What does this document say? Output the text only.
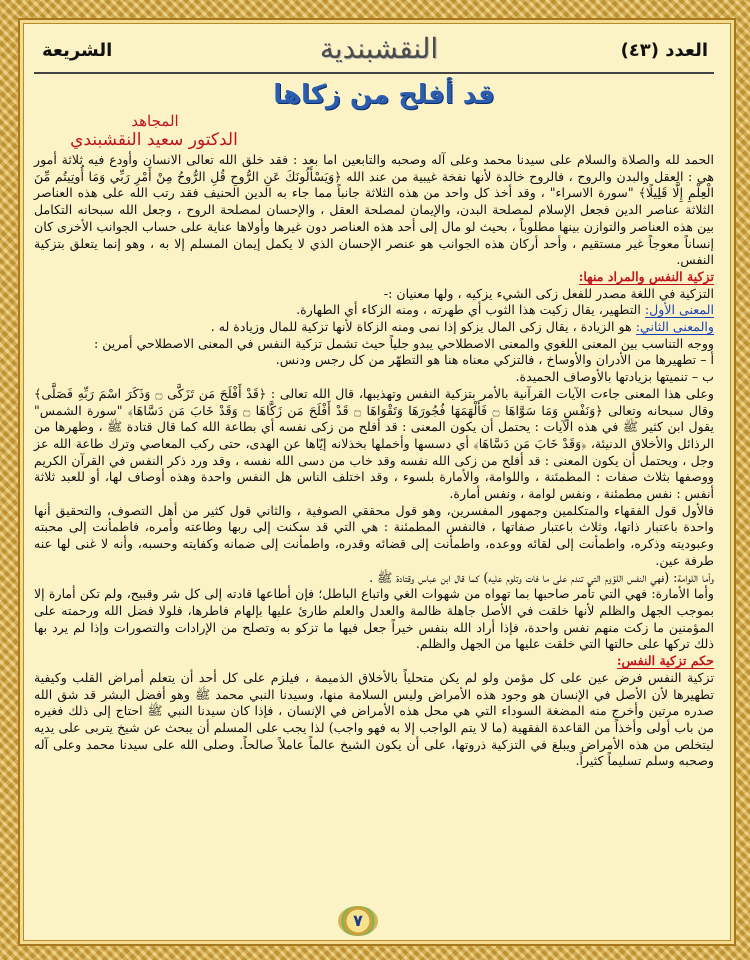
العدد (٤٣)
النقشبندية
الشريعة
قد أفلح من زكاها
المجاهد
الدكتور سعيد النقشبندي

الحمد لله والصلاة والسلام على سيدنا محمد وعلى آله وصحبه والتابعين اما بعد : فقد خلق الله تعالى الانسان وأودع فيه ثلاثة أمور هي : العقل والبدن والروح ، فالروح خالدة لأنها نفخة غيبية من عند الله ﴿وَيَسْأَلُونَكَ عَنِ الرُّوحِ قُلِ الرُّوحُ مِنْ أَمْرِ رَبِّي وَمَا أُوتِيتُم مِّنَ الْعِلْمِ إِلَّا قَلِيلًا﴾ "سورة الاسراء" ، وقد أخذ كل واحد من هذه الثلاثة جانباً مما جاء به الدين الحنيف فقد رتب الله على هذه العناصر الثلاثة عناصر الدين فجعل الإسلام لمصلحة البدن، والإيمان لمصلحة العقل ، والإحسان لمصلحة الروح ، وجعل الله سبحانه التكامل بين هذه العناصر والتوازن بينها مطلوباً ، بحيث لو مال إلى أحد هذه العناصر دون غيرها وأولاها عناية على حساب الجوانب الأخرى كان إنساناً معوجاً غير مستقيم ، وأحد أركان هذه الجوانب هو عنصر الإحسان الذي لا يكمل إيمان المسلم إلا به ، وهو إنما يتعلق بتزكية النفس.

تزكية النفس والمراد منها:

التزكية في اللغة مصدر للفعل زكى الشيء يزكيه ، ولها معنيان :-

المعنى الأول: التطهير، يقال زكيت هذا الثوب أي طهرته ، ومنه الزكاء أي الطهارة.

والمعنى الثاني: هو الزيادة ، يقال زكى المال يزكو إذا نمى ومنه الزكاة لأنها تزكية للمال وزيادة له .

ووجه التناسب بين المعنى اللغوي والمعنى الاصطلاحي يبدو جلياً حيث تشمل تزكية النفس في المعنى الاصطلاحي أمرين :

أ – تطهيرها من الأدران والأوساخ ، فالتزكي معناه هنا هو التطهّر من كل رجس ودنس.

ب – تنميتها بزيادتها بالأوصاف الحميدة.

وعلى هذا المعنى جاءت الآيات القرآنية بالأمر بتزكية النفس وتهذيبها، قال الله تعالى : ﴿قَدْ أَفْلَحَ مَن تَزَكَّى ۝ وَذَكَرَ اسْمَ رَبِّهِ فَصَلَّى﴾ وقال سبحانه وتعالى ﴿وَنَفْسٍ وَمَا سَوَّاهَا ۝ فَأَلْهَمَهَا فُجُورَهَا وَتَقْوَاهَا ۝ قَدْ أَفْلَحَ مَن زَكَّاهَا ۝ وَقَدْ خَابَ مَن دَسَّاهَا﴾ "سورة الشمس" يقول ابن كثير ﷺ في هذه الآيات : يحتمل أن يكون المعنى : قد أفلح من زكى نفسه أي بطاعة الله كما قال قتادة ﷺ ، وطهرها من الرذائل والأخلاق الدنيئة، ﴿وَقَدْ خَابَ مَن دَسَّاهَا﴾ أي دسسها وأخملها بخذلانه إيّاها عن الهدى، حتى ركب المعاصي وترك طاعة الله عز وجل ، ويحتمل أن يكون المعنى : قد أفلح من زكى الله نفسه وقد خاب من دسى الله نفسه ، وقد ورد ذكر النفس في القرآن الكريم ووصفها بثلاث صفات : المطمئنة ، واللوامة، والأمارة بلسوء ، وقد اختلف الناس هل النفس واحدة وهذه أوصاف لها، أو للعبد ثلاثة أنفس : نفس مطمئنة ، ونفس لوامة ، ونفس أمارة.

فالأول قول الفقهاء والمتكلمين وجمهور المفسرين، وهو قول محققي الصوفية ، والثاني قول كثير من أهل التصوف، والتحقيق أنها واحدة باعتبار ذاتها، وثلاث باعتبار صفاتها ، فالنفس المطمئنة : هي التي قد سكنت إلى ربها وطاعته وأمره، فاطمأنت إلى محبته وعبوديته وذكره، واطمأنت إلى لقائه ووعده، واطمأنت إلى قضائه وقدره، واطمأنت إلى ضمانه وكفايته وحسبه، وأنه لا غنى لها عنه طرفة عين.

وأما اللوامة: (فهي النفس اللؤوم التي تندم على ما فات وتلوم عليه) كما قال ابن عباس وقتادة ﷺ .

وأما الأمارة: فهي التي تأمر صاحبها بما تهواه من شهوات الغي واتباع الباطل؛ فإن أطاعها قادته إلى كل شر وقبيح، ولم تكن أمارة إلا بموجب الجهل والظلم لأنها خلقت في الأصل جاهلة ظالمة والعدل والعلم طارئ عليها بإلهام فاطرها، فلولا فضل الله ورحمته على المؤمنين ما زكت منهم نفس واحدة، فإذا أراد الله بنفس خيراً جعل فيها ما تزكو به وتصلح من الإرادات والتصورات وإذا لم يرد بها ذلك تركها على حالتها التي خلقت عليها من الجهل والظلم.

حكم تزكية النفس:

تزكية النفس فرض عين على كل مؤمن ولو لم يكن متحلياً بالأخلاق الذميمة ، فيلزم على كل أحد أن يتعلم أمراض القلب وكيفية تطهيرها لأن الأصل في الإنسان هو وجود هذه الأمراض وليس السلامة منها، وسيدنا النبي محمد ﷺ وهو أفضل البشر قد شق الله صدره مرتين وأخرج منه المضغة السوداء التي هي محل هذه الأمراض في الإنسان ، فإذا كان سيدنا النبي ﷺ احتاج إلى ذلك فغيره من باب أولى وأخذاً من القاعدة الفقهية (ما لا يتم الواجب إلا به فهو واجب) لذا يجب على المسلم أن يبحث عن شيخ يتربى على يديه ليتخلص من هذه الأمراض ويبلغ في التزكية ذروتها، على أن يكون الشيخ عالماً عاملاً صالحاً. وصلى الله على سيدنا محمد وعلى آله وصحبه وسلم تسليماً كثيراً.

٧
